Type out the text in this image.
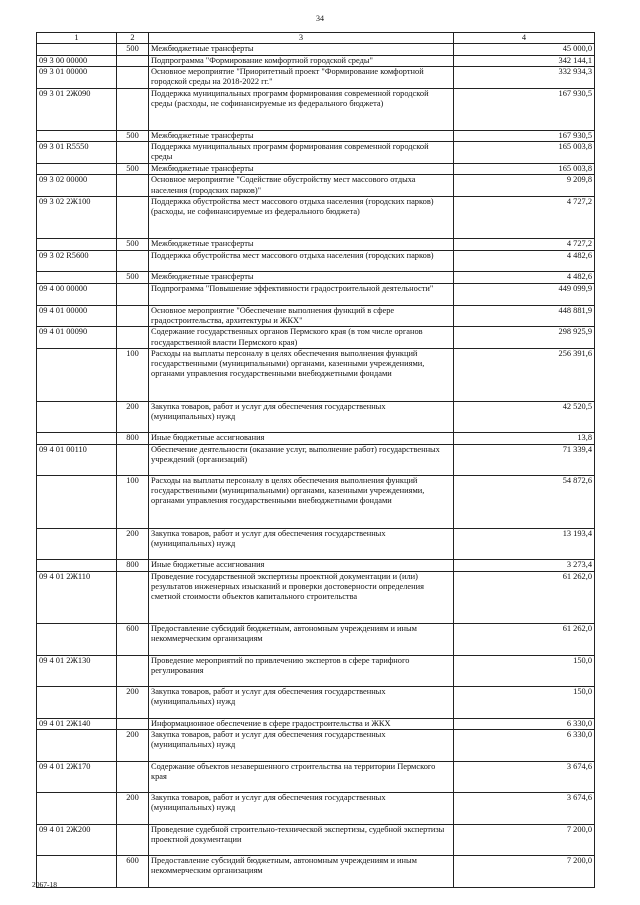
34
1	2	3	4
	500	Межбюджетные трансферты	45 000,0
09 3 00 00000		Подпрограмма "Формирование комфортной городской среды"	342 144,1
09 3 01 00000		Основное мероприятие "Приоритетный проект "Формирование комфортной городской среды на 2018-2022 гг."	332 934,3
09 3 01 2Ж090		Поддержка муниципальных программ формирования современной городской среды (расходы, не софинансируемые из федерального бюджета)	167 930,5
	500	Межбюджетные трансферты	167 930,5
09 3 01 R5550		Поддержка муниципальных программ формирования современной городской среды	165 003,8
	500	Межбюджетные трансферты	165 003,8
09 3 02 00000		Основное мероприятие "Содействие обустройству мест массового отдыха населения (городских парков)"	9 209,8
09 3 02 2Ж100		Поддержка обустройства мест массового отдыха населения (городских парков) (расходы, не софинансируемые из федерального бюджета)	4 727,2
	500	Межбюджетные трансферты	4 727,2
09 3 02 R5600		Поддержка обустройства мест массового отдыха населения (городских парков)	4 482,6
	500	Межбюджетные трансферты	4 482,6
09 4 00 00000		Подпрограмма "Повышение эффективности градостроительной деятельности"	449 099,9
09 4 01 00000		Основное мероприятие "Обеспечение выполнения функций в сфере градостроительства, архитектуры и ЖКХ"	448 881,9
09 4 01 00090		Содержание государственных органов Пермского края (в том числе органов государственной власти Пермского края)	298 925,9
	100	Расходы на выплаты персоналу в целях обеспечения выполнения функций государственными (муниципальными) органами, казенными учреждениями, органами управления государственными внебюджетными фондами	256 391,6
	200	Закупка товаров, работ и услуг для обеспечения государственных (муниципальных) нужд	42 520,5
	800	Иные бюджетные ассигнования	13,8
09 4 01 00110		Обеспечение деятельности (оказание услуг, выполнение работ) государственных учреждений (организаций)	71 339,4
	100	Расходы на выплаты персоналу в целях обеспечения выполнения функций государственными (муниципальными) органами, казенными учреждениями, органами управления государственными внебюджетными фондами	54 872,6
	200	Закупка товаров, работ и услуг для обеспечения государственных (муниципальных) нужд	13 193,4
	800	Иные бюджетные ассигнования	3 273,4
09 4 01 2Ж110		Проведение государственной экспертизы проектной документации и (или) результатов инженерных изысканий и проверки достоверности определения сметной стоимости объектов капитального строительства	61 262,0
	600	Предоставление субсидий бюджетным, автономным учреждениям и иным некоммерческим организациям	61 262,0
09 4 01 2Ж130		Проведение мероприятий по привлечению экспертов в сфере тарифного регулирования	150,0
	200	Закупка товаров, работ и услуг для обеспечения государственных (муниципальных) нужд	150,0
09 4 01 2Ж140		Информационное обеспечение в сфере градостроительства и ЖКХ	6 330,0
	200	Закупка товаров, работ и услуг для обеспечения государственных (муниципальных) нужд	6 330,0
09 4 01 2Ж170		Содержание объектов незавершенного строительства на территории Пермского края	3 674,6
	200	Закупка товаров, работ и услуг для обеспечения государственных (муниципальных) нужд	3 674,6
09 4 01 2Ж200		Проведение судебной строительно-технической экспертизы, судебной экспертизы проектной документации	7 200,0
	600	Предоставление субсидий бюджетным, автономным учреждениям и иным некоммерческим организациям	7 200,0
2067-18
